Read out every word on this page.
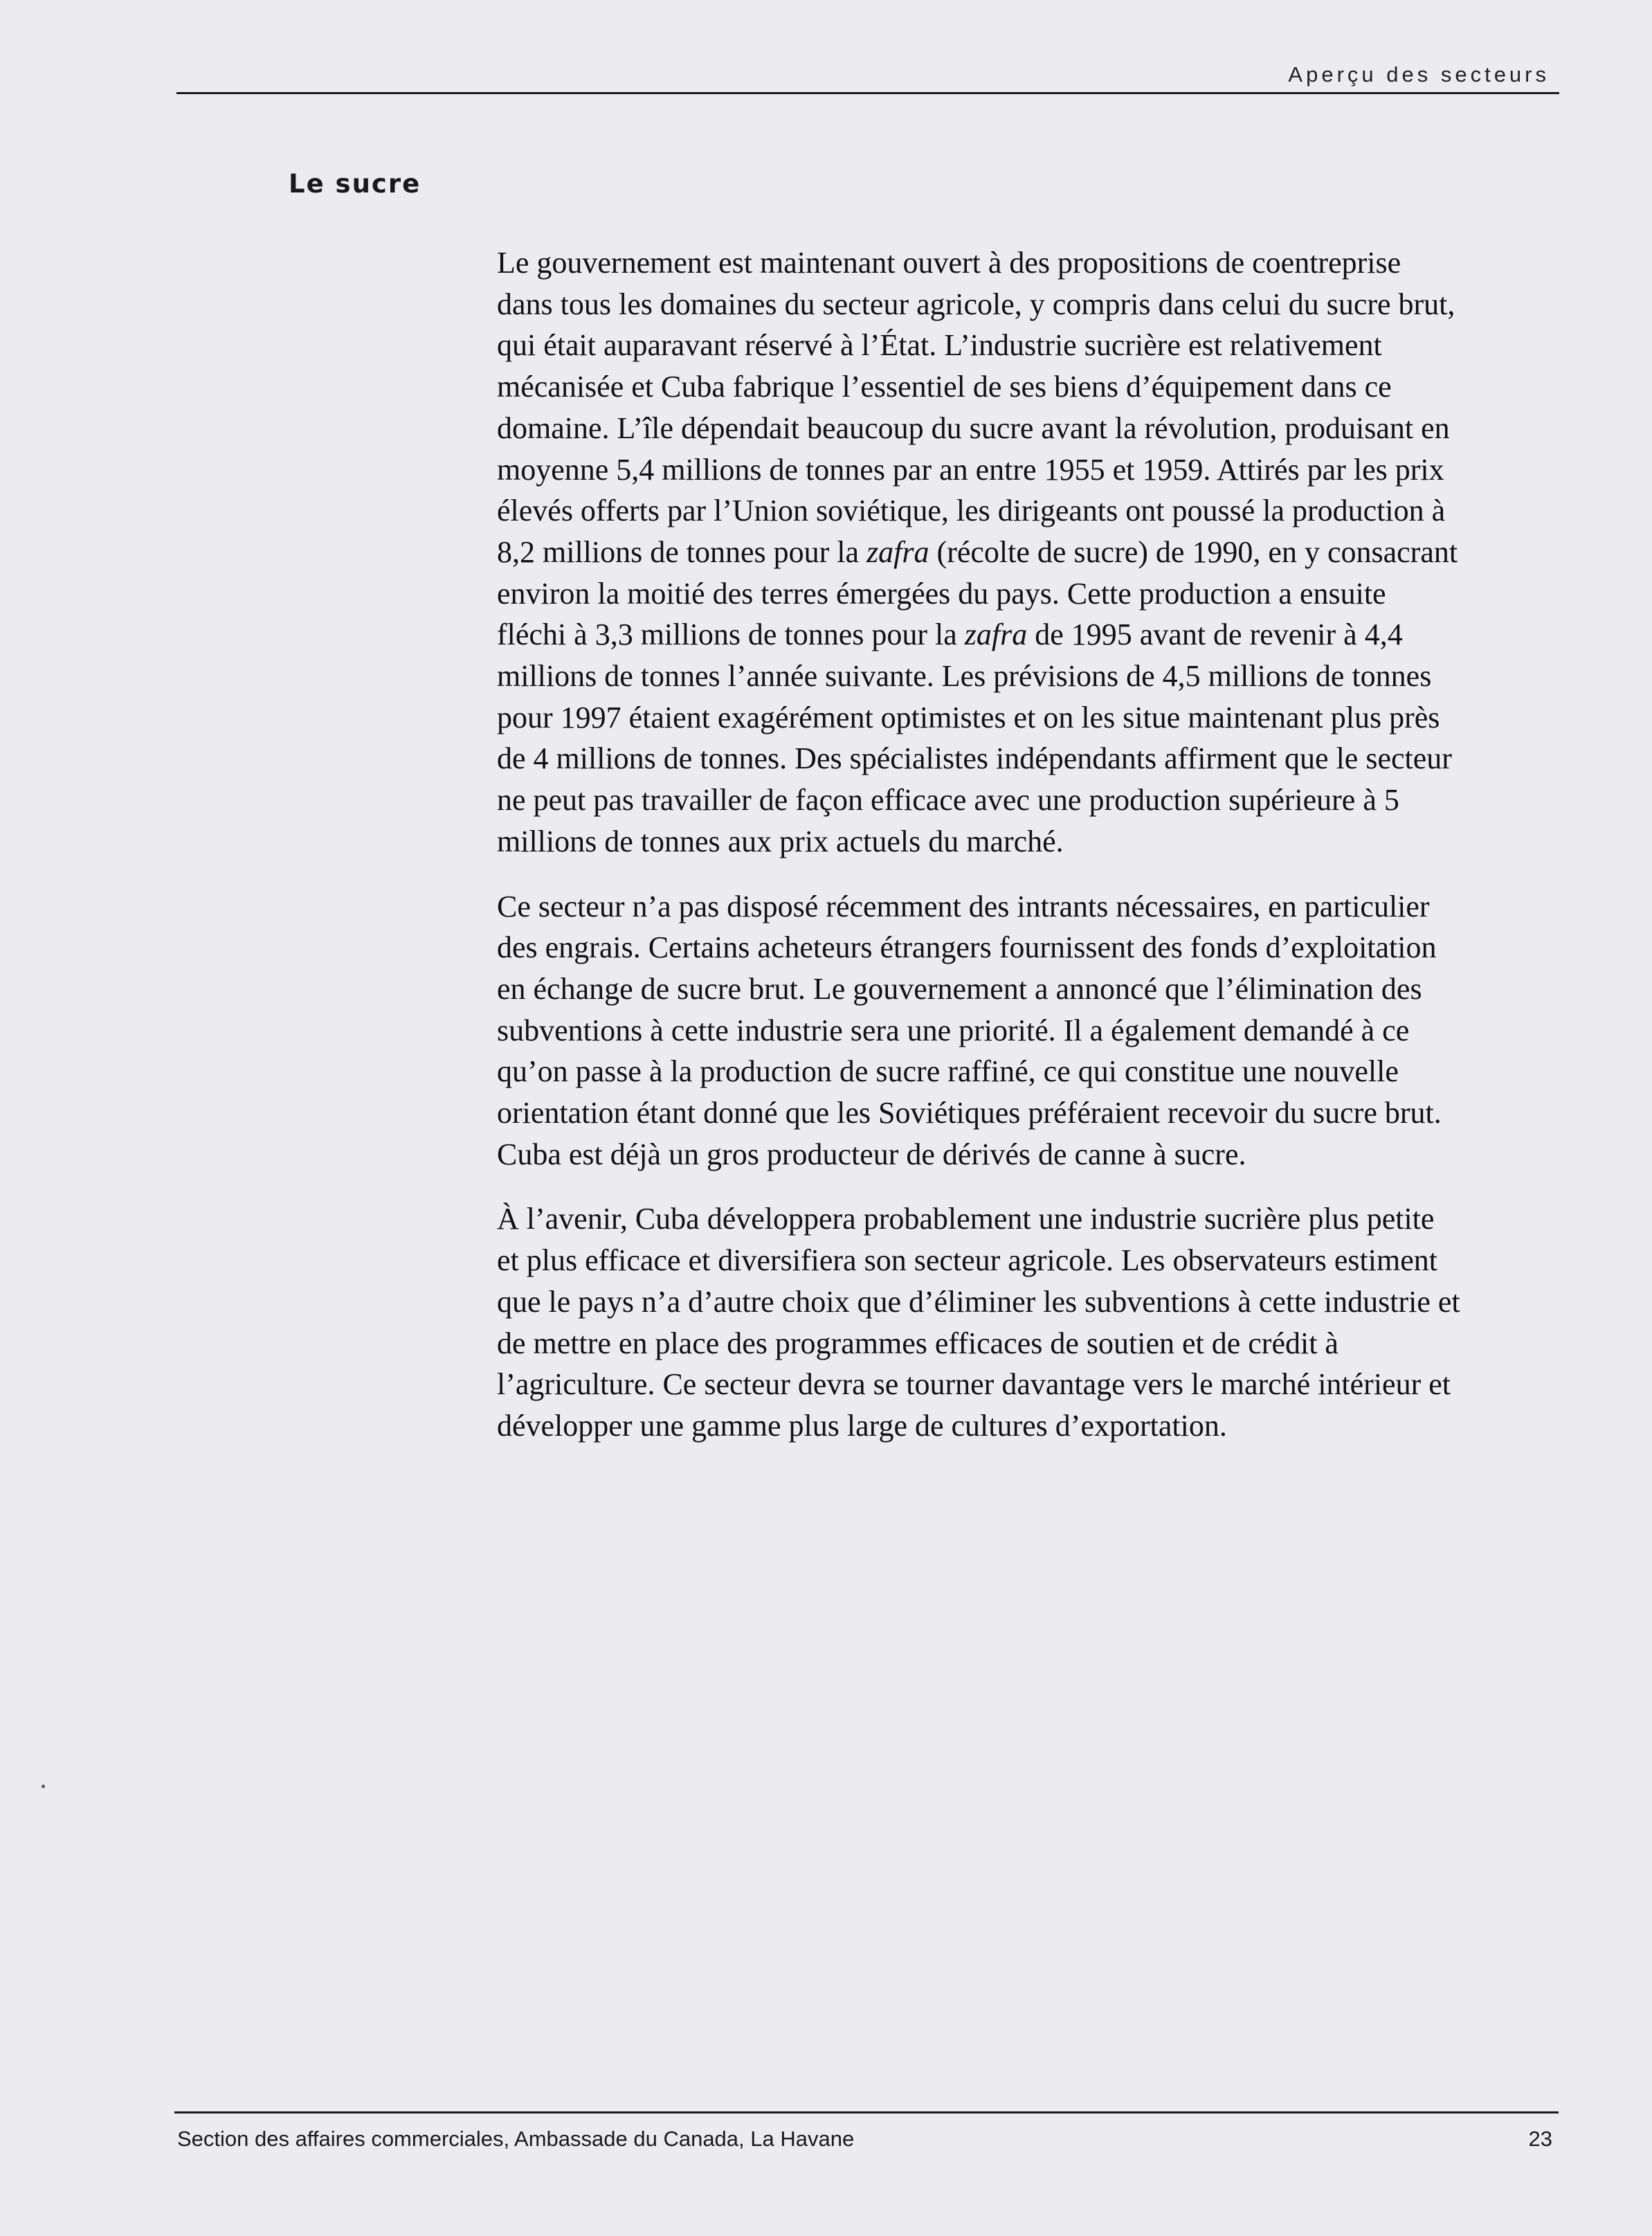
Aperçu des secteurs
Le sucre

Le gouvernement est maintenant ouvert à des propositions de coentreprise dans tous les domaines du secteur agricole, y compris dans celui du sucre brut, qui était auparavant réservé à l’État. L’industrie sucrière est relativement mécanisée et Cuba fabrique l’essentiel de ses biens d’équipement dans ce domaine. L’île dépendait beaucoup du sucre avant la révolution, produisant en moyenne 5,4 millions de tonnes par an entre 1955 et 1959. Attirés par les prix élevés offerts par l’Union soviétique, les dirigeants ont poussé la production à 8,2 millions de tonnes pour la zafra (récolte de sucre) de 1990, en y consacrant environ la moitié des terres émergées du pays. Cette production a ensuite fléchi à 3,3 millions de tonnes pour la zafra de 1995 avant de revenir à 4,4 millions de tonnes l’année suivante. Les prévisions de 4,5 millions de tonnes pour 1997 étaient exagérément optimistes et on les situe maintenant plus près de 4 millions de tonnes. Des spécialistes indépendants affirment que le secteur ne peut pas travailler de façon efficace avec une production supérieure à 5 millions de tonnes aux prix actuels du marché.

Ce secteur n’a pas disposé récemment des intrants nécessaires, en particulier des engrais. Certains acheteurs étrangers fournissent des fonds d’exploitation en échange de sucre brut. Le gouvernement a annoncé que l’élimination des subventions à cette industrie sera une priorité. Il a également demandé à ce qu’on passe à la production de sucre raffiné, ce qui constitue une nouvelle orientation étant donné que les Soviétiques préféraient recevoir du sucre brut. Cuba est déjà un gros producteur de dérivés de canne à sucre.

À l’avenir, Cuba développera probablement une industrie sucrière plus petite et plus efficace et diversifiera son secteur agricole. Les observateurs estiment que le pays n’a d’autre choix que d’éliminer les subventions à cette industrie et de mettre en place des programmes efficaces de soutien et de crédit à l’agriculture. Ce secteur devra se tourner davantage vers le marché intérieur et développer une gamme plus large de cultures d’exportation.

Section des affaires commerciales, Ambassade du Canada, La Havane	23
